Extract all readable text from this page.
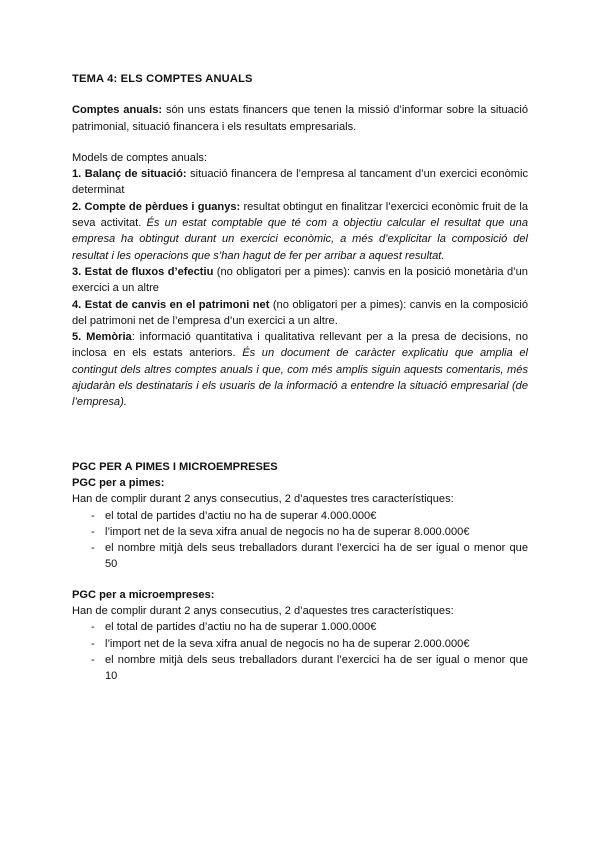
TEMA 4: ELS COMPTES ANUALS

Comptes anuals: són uns estats financers que tenen la missió d’informar sobre la situació patrimonial, situació financera i els resultats empresarials.

Models de comptes anuals:

1. Balanç de situació: situació financera de l’empresa al tancament d’un exercici econòmic determinat

2. Compte de pèrdues i guanys: resultat obtingut en finalitzar l’exercici econòmic fruit de la seva activitat. És un estat comptable que té com a objectiu calcular el resultat que una empresa ha obtingut durant un exercici econòmic, a més d’explicitar la composició del resultat i les operacions que s’han hagut de fer per arribar a aquest resultat.

3. Estat de fluxos d’efectiu (no obligatori per a pimes): canvis en la posició monetària d’un exercici a un altre

4. Estat de canvis en el patrimoni net (no obligatori per a pimes): canvis en la composició del patrimoni net de l’empresa d’un exercici a un altre.

5. Memòria: informació quantitativa i qualitativa rellevant per a la presa de decisions, no inclosa en els estats anteriors. És un document de caràcter explicatiu que amplia el contingut dels altres comptes anuals i que, com més amplis siguin aquests comentaris, més ajudaràn els destinataris i els usuaris de la informació a entendre la situació empresarial (de l’empresa).

PGC PER A PIMES I MICROEMPRESES

PGC per a pimes:

Han de complir durant 2 anys consecutius, 2 d’aquestes tres característiques:

- el total de partides d’actiu no ha de superar 4.000.000€
- l’import net de la seva xifra anual de negocis no ha de superar 8.000.000€
- el nombre mitjà dels seus treballadors durant l’exercici ha de ser igual o menor que 50

PGC per a microempreses:

Han de complir durant 2 anys consecutius, 2 d’aquestes tres característiques:

- el total de partides d’actiu no ha de superar 1.000.000€
- l’import net de la seva xifra anual de negocis no ha de superar 2.000.000€
- el nombre mitjà dels seus treballadors durant l’exercici ha de ser igual o menor que 10
